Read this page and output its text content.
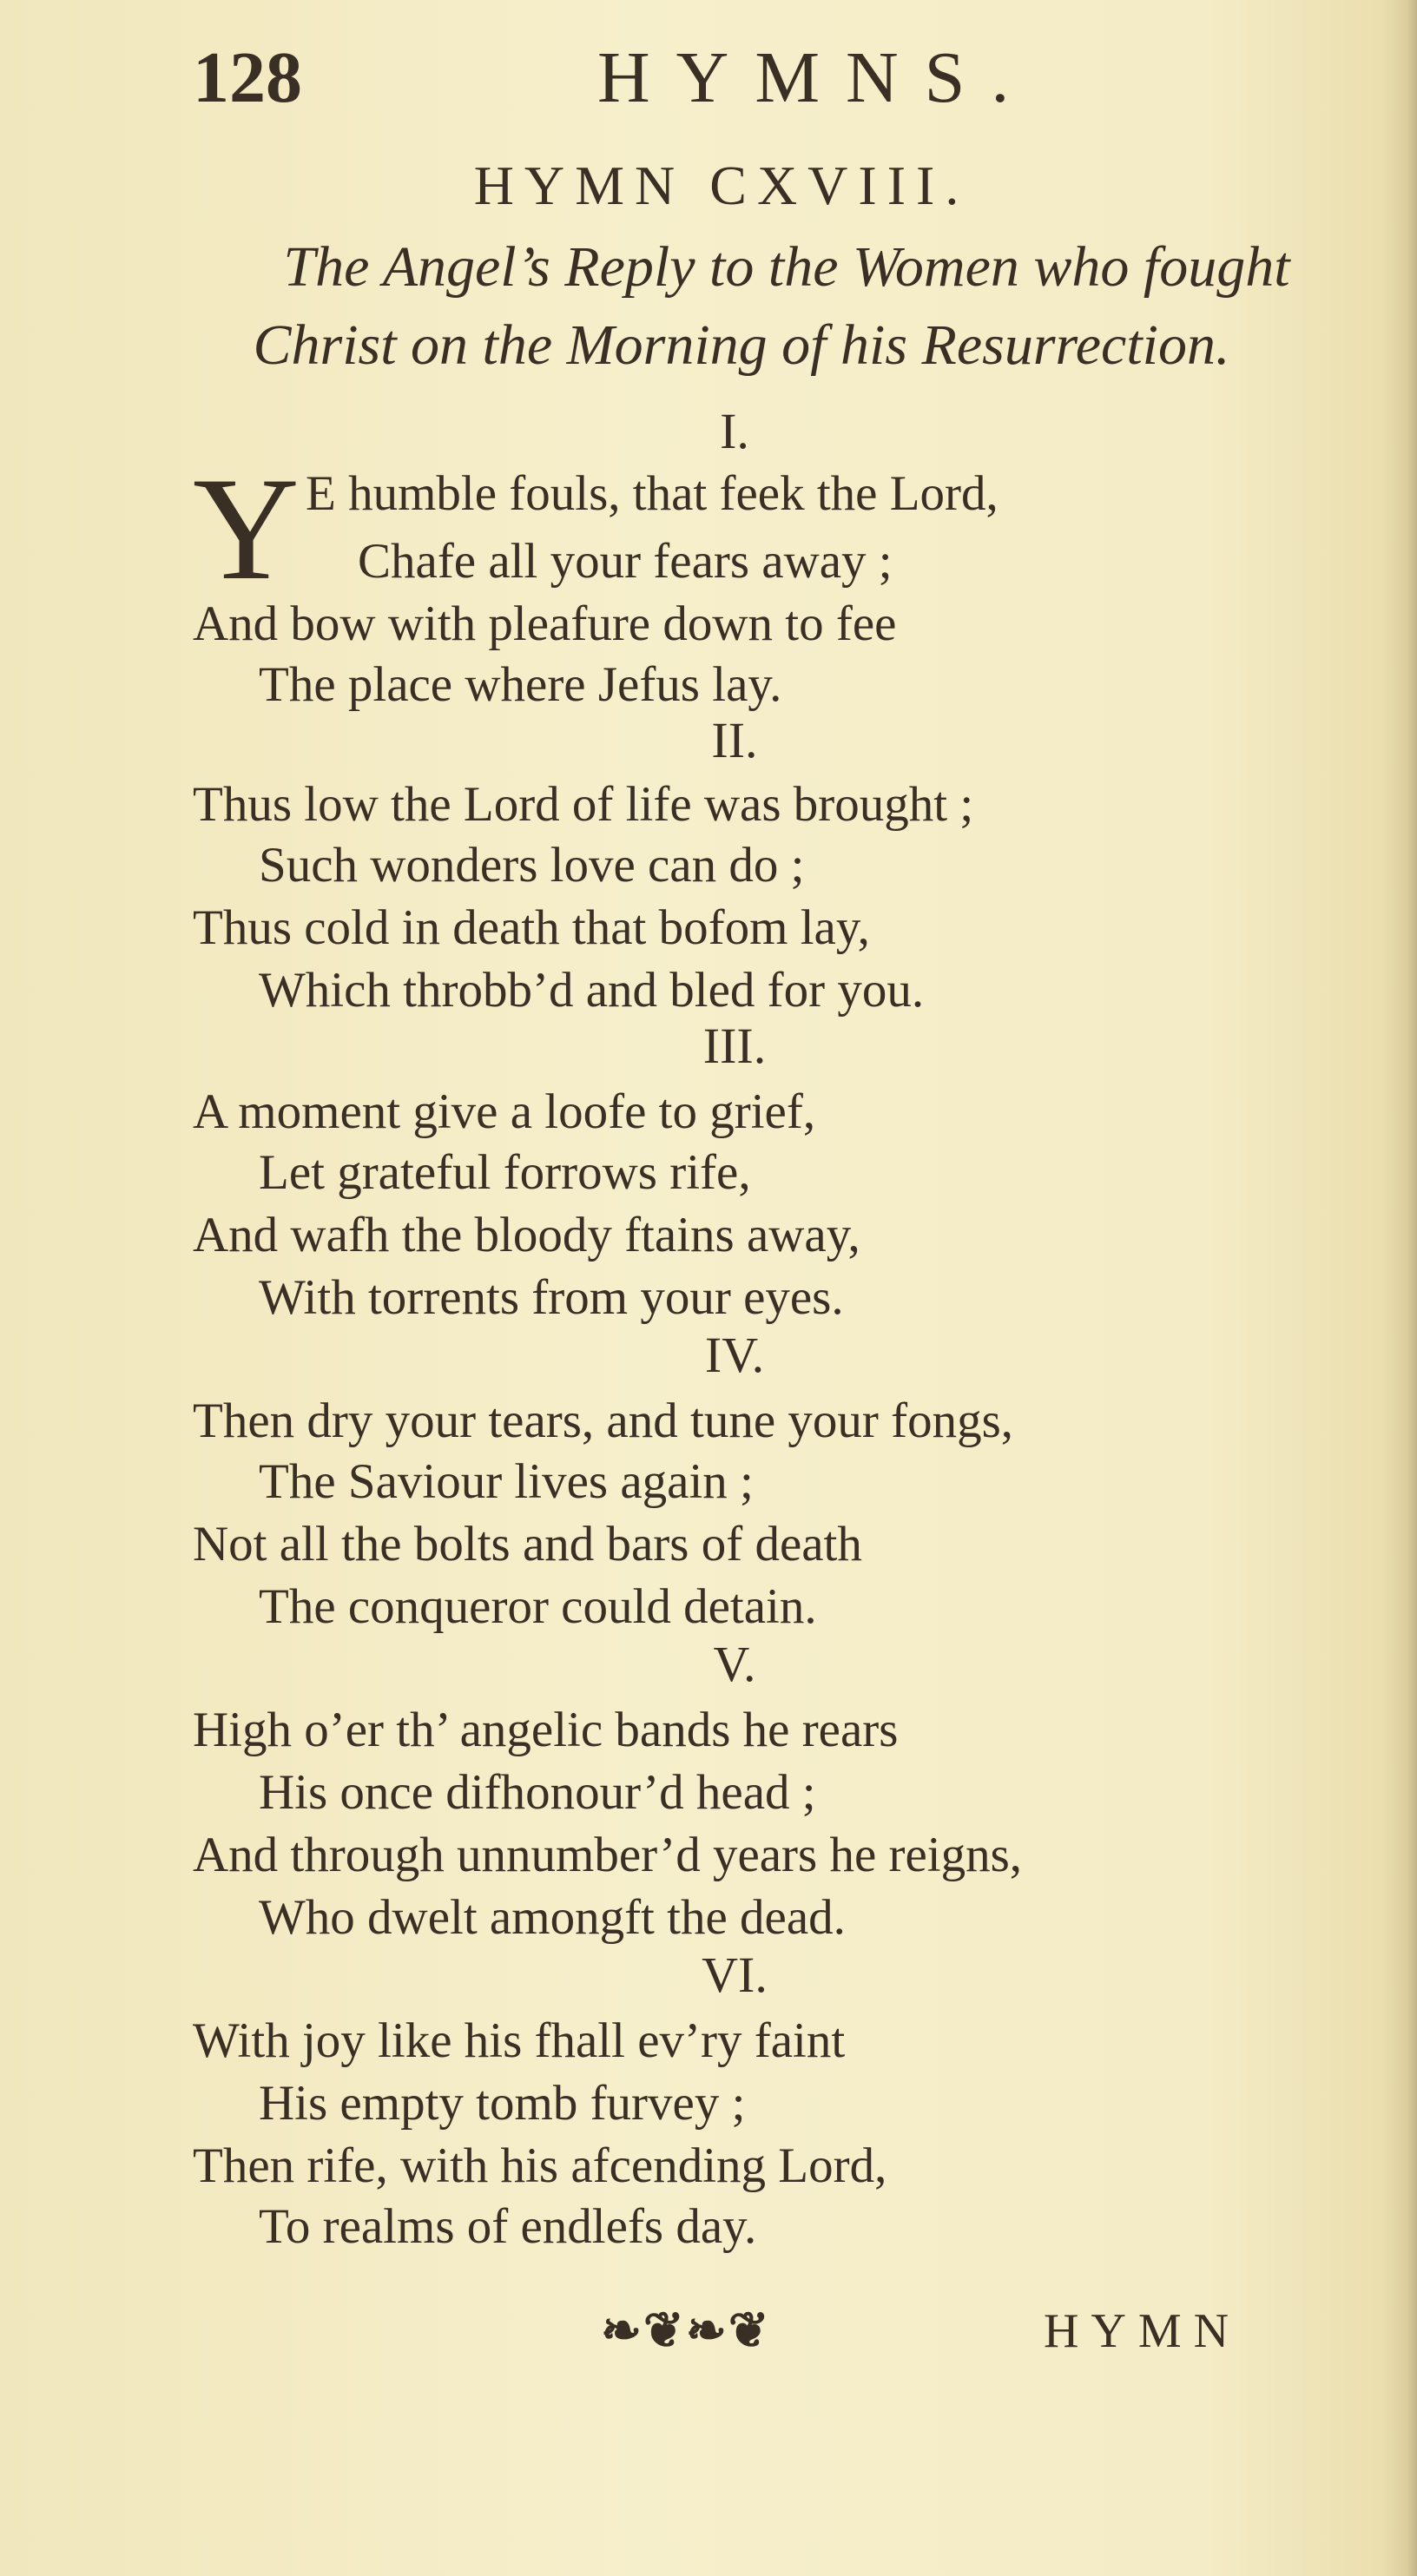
128	HYMNS.
HYMN CXVIII.
The Angel’s Reply to the Women who fought
Christ on the Morning of his Resurrection.
I.
Y E humble fouls, that feek the Lord,
Chafe all your fears away ;
And bow with pleafure down to fee
The place where Jefus lay.
II.
Thus low the Lord of life was brought ;
Such wonders love can do ;
Thus cold in death that bofom lay,
Which throbb’d and bled for you.
III.
A moment give a loofe to grief,
Let grateful forrows rife,
And wafh the bloody ftains away,
With torrents from your eyes.
IV.
Then dry your tears, and tune your fongs,
The Saviour lives again ;
Not all the bolts and bars of death
The conqueror could detain.
V.
High o’er th’ angelic bands he rears
His once difhonour’d head ;
And through unnumber’d years he reigns,
Who dwelt amongft the dead.
VI.
With joy like his fhall ev’ry faint
His empty tomb furvey ;
Then rife, with his afcending Lord,
To realms of endlefs day.
❧❦❧❦	HYMN
